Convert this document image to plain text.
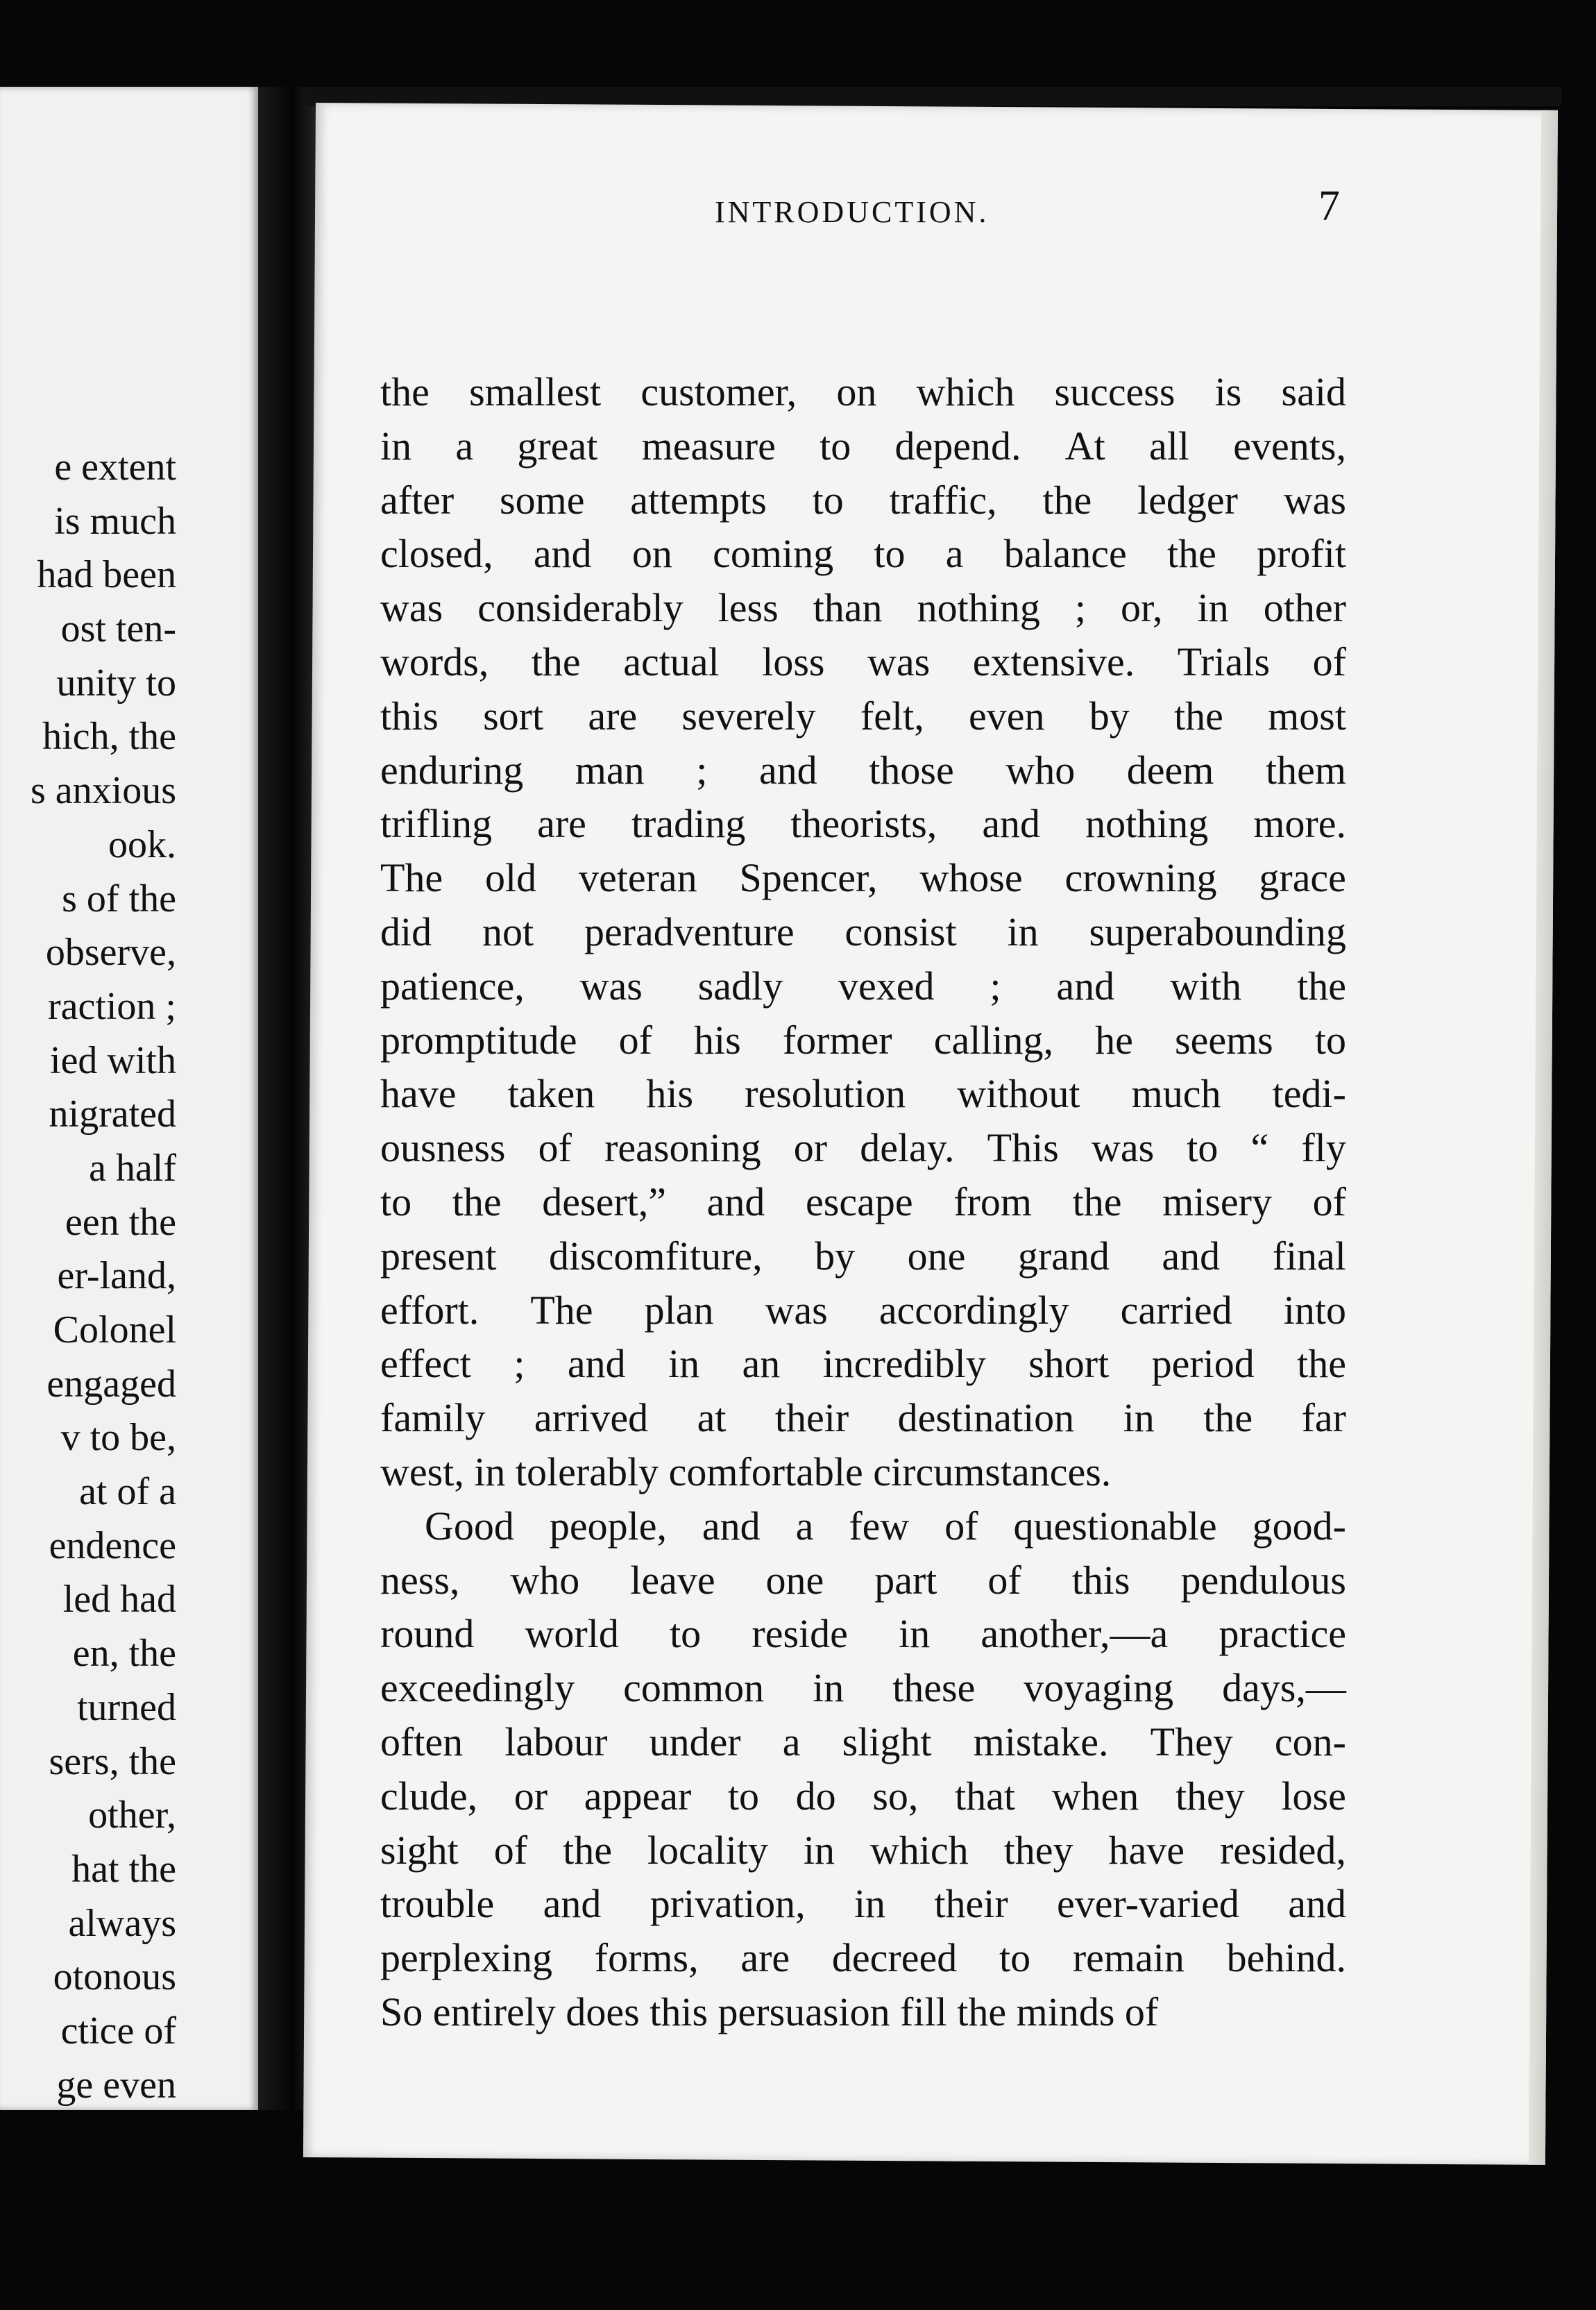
e extent
is much
had been
ost ten-
unity to
hich, the
s anxious
ook.
s of the
observe,
raction ;
ied with
nigrated
a half
een the
er-land,
Colonel
engaged
v to be,
at of a
endence
led had
en, the
turned
sers, the
other,
hat the
always
otonous
ctice of
ge even
INTRODUCTION.	7
the smallest customer, on which success is said
in a great measure to depend. At all events,
after some attempts to traffic, the ledger was
closed, and on coming to a balance the profit
was considerably less than nothing ; or, in other
words, the actual loss was extensive. Trials of
this sort are severely felt, even by the most
enduring man ; and those who deem them
trifling are trading theorists, and nothing more.
The old veteran Spencer, whose crowning grace
did not peradventure consist in superabounding
patience, was sadly vexed ; and with the
promptitude of his former calling, he seems to
have taken his resolution without much tedi-
ousness of reasoning or delay. This was to “ fly
to the desert,” and escape from the misery of
present discomfiture, by one grand and final
effort. The plan was accordingly carried into
effect ; and in an incredibly short period the
family arrived at their destination in the far
west, in tolerably comfortable circumstances.
Good people, and a few of questionable good-
ness, who leave one part of this pendulous
round world to reside in another,—a practice
exceedingly common in these voyaging days,—
often labour under a slight mistake. They con-
clude, or appear to do so, that when they lose
sight of the locality in which they have resided,
trouble and privation, in their ever-varied and
perplexing forms, are decreed to remain behind.
So entirely does this persuasion fill the minds of
